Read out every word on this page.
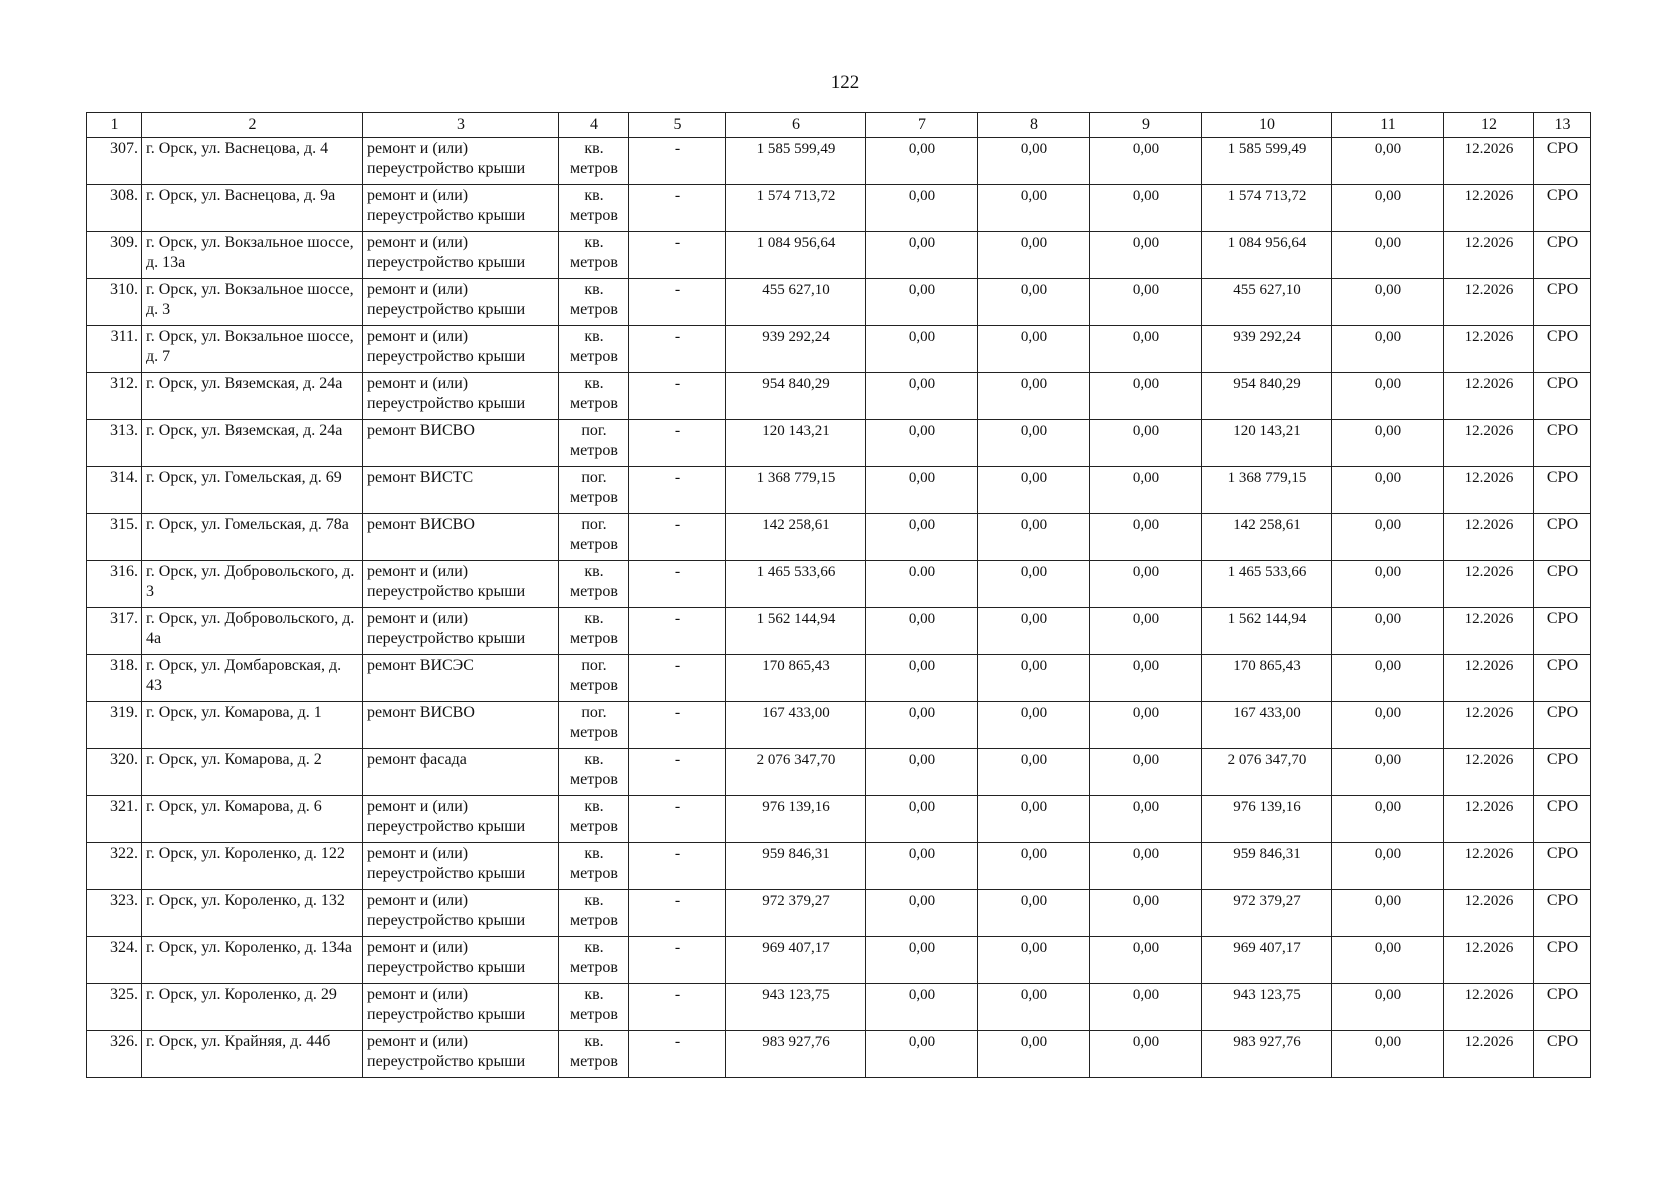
122
1	2	3	4	5	6	7	8	9	10	11	12	13
307.	г. Орск, ул. Васнецова, д. 4	ремонт и (или) переустройство крыши	кв. метров	-	1 585 599,49	0,00	0,00	0,00	1 585 599,49	0,00	12.2026	СРО
308.	г. Орск, ул. Васнецова, д. 9а	ремонт и (или) переустройство крыши	кв. метров	-	1 574 713,72	0,00	0,00	0,00	1 574 713,72	0,00	12.2026	СРО
309.	г. Орск, ул. Вокзальное шоссе, д. 13а	ремонт и (или) переустройство крыши	кв. метров	-	1 084 956,64	0,00	0,00	0,00	1 084 956,64	0,00	12.2026	СРО
310.	г. Орск, ул. Вокзальное шоссе, д. 3	ремонт и (или) переустройство крыши	кв. метров	-	455 627,10	0,00	0,00	0,00	455 627,10	0,00	12.2026	СРО
311.	г. Орск, ул. Вокзальное шоссе, д. 7	ремонт и (или) переустройство крыши	кв. метров	-	939 292,24	0,00	0,00	0,00	939 292,24	0,00	12.2026	СРО
312.	г. Орск, ул. Вяземская, д. 24а	ремонт и (или) переустройство крыши	кв. метров	-	954 840,29	0,00	0,00	0,00	954 840,29	0,00	12.2026	СРО
313.	г. Орск, ул. Вяземская, д. 24а	ремонт ВИСВО	пог. метров	-	120 143,21	0,00	0,00	0,00	120 143,21	0,00	12.2026	СРО
314.	г. Орск, ул. Гомельская, д. 69	ремонт ВИСТС	пог. метров	-	1 368 779,15	0,00	0,00	0,00	1 368 779,15	0,00	12.2026	СРО
315.	г. Орск, ул. Гомельская, д. 78а	ремонт ВИСВО	пог. метров	-	142 258,61	0,00	0,00	0,00	142 258,61	0,00	12.2026	СРО
316.	г. Орск, ул. Добровольского, д. 3	ремонт и (или) переустройство крыши	кв. метров	-	1 465 533,66	0.00	0,00	0,00	1 465 533,66	0,00	12.2026	СРО
317.	г. Орск, ул. Добровольского, д. 4а	ремонт и (или) переустройство крыши	кв. метров	-	1 562 144,94	0,00	0,00	0,00	1 562 144,94	0,00	12.2026	СРО
318.	г. Орск, ул. Домбаровская, д. 43	ремонт ВИСЭС	пог. метров	-	170 865,43	0,00	0,00	0,00	170 865,43	0,00	12.2026	СРО
319.	г. Орск, ул. Комарова, д. 1	ремонт ВИСВО	пог. метров	-	167 433,00	0,00	0,00	0,00	167 433,00	0,00	12.2026	СРО
320.	г. Орск, ул. Комарова, д. 2	ремонт фасада	кв. метров	-	2 076 347,70	0,00	0,00	0,00	2 076 347,70	0,00	12.2026	СРО
321.	г. Орск, ул. Комарова, д. 6	ремонт и (или) переустройство крыши	кв. метров	-	976 139,16	0,00	0,00	0,00	976 139,16	0,00	12.2026	СРО
322.	г. Орск, ул. Короленко, д. 122	ремонт и (или) переустройство крыши	кв. метров	-	959 846,31	0,00	0,00	0,00	959 846,31	0,00	12.2026	СРО
323.	г. Орск, ул. Короленко, д. 132	ремонт и (или) переустройство крыши	кв. метров	-	972 379,27	0,00	0,00	0,00	972 379,27	0,00	12.2026	СРО
324.	г. Орск, ул. Короленко, д. 134а	ремонт и (или) переустройство крыши	кв. метров	-	969 407,17	0,00	0,00	0,00	969 407,17	0,00	12.2026	СРО
325.	г. Орск, ул. Короленко, д. 29	ремонт и (или) переустройство крыши	кв. метров	-	943 123,75	0,00	0,00	0,00	943 123,75	0,00	12.2026	СРО
326.	г. Орск, ул. Крайняя, д. 44б	ремонт и (или) переустройство крыши	кв. метров	-	983 927,76	0,00	0,00	0,00	983 927,76	0,00	12.2026	СРО
